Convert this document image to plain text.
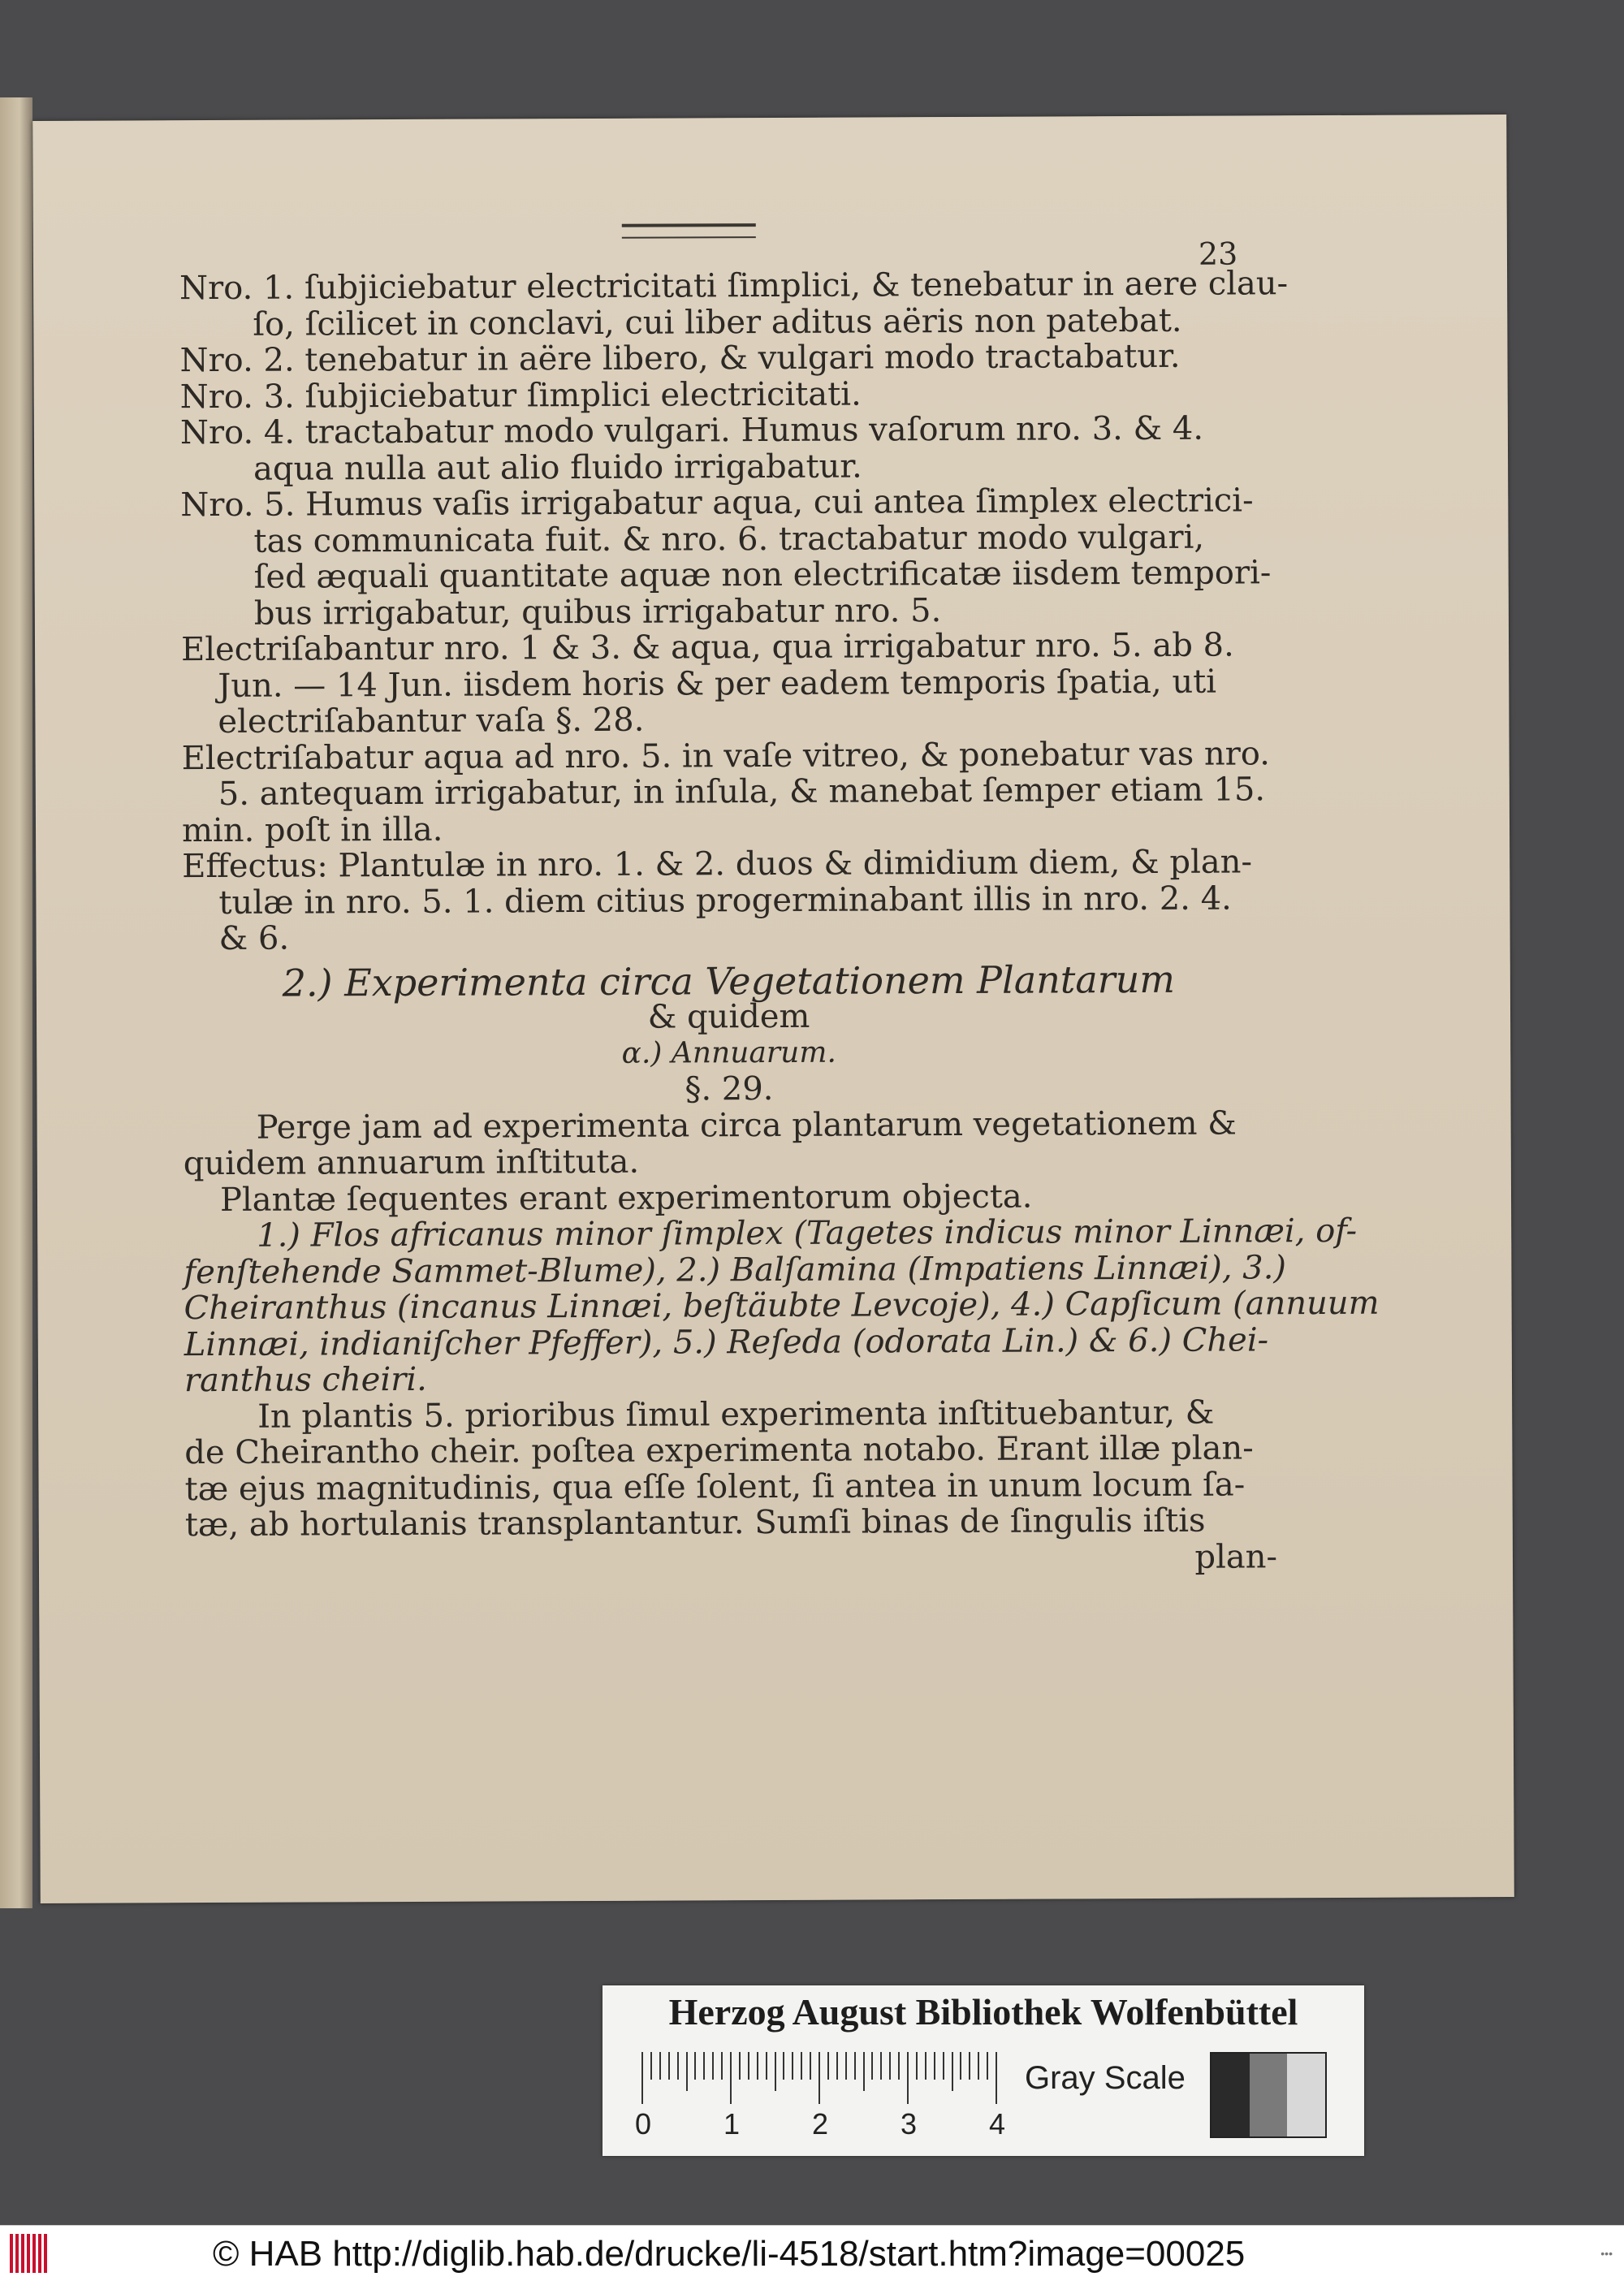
23
Nro. 1. ſubjiciebatur electricitati ſimplici, & tenebatur in aere clau-
ſo, ſcilicet in conclavi, cui liber aditus aëris non patebat.
Nro. 2. tenebatur in aëre libero, & vulgari modo tractabatur.
Nro. 3. ſubjiciebatur ſimplici electricitati.
Nro. 4. tractabatur modo vulgari. Humus vaſorum nro. 3. & 4.
aqua nulla aut alio fluido irrigabatur.
Nro. 5. Humus vaſis irrigabatur aqua, cui antea ſimplex electrici-
tas communicata fuit. & nro. 6. tractabatur modo vulgari,
ſed æquali quantitate aquæ non electrificatæ iisdem tempori-
bus irrigabatur, quibus irrigabatur nro. 5.
Electriſabantur nro. 1 & 3. & aqua, qua irrigabatur nro. 5. ab 8.
Jun. — 14 Jun. iisdem horis & per eadem temporis ſpatia, uti
electriſabantur vaſa §. 28.
Electriſabatur aqua ad nro. 5. in vaſe vitreo, & ponebatur vas nro.
5. antequam irrigabatur, in inſula, & manebat ſemper etiam 15.
min. poſt in illa.
Effectus: Plantulæ in nro. 1. & 2. duos & dimidium diem, & plan-
tulæ in nro. 5. 1. diem citius progerminabant illis in nro. 2. 4.
& 6.
2.) Experimenta circa Vegetationem Plantarum
& quidem
α.) Annuarum.
§. 29.
Perge jam ad experimenta circa plantarum vegetationem &
quidem annuarum inſtituta.
Plantæ ſequentes erant experimentorum objecta.
1.) Flos africanus minor ſimplex (Tagetes indicus minor Linnæi, of-
fenſtehende Sammet-Blume), 2.) Balſamina (Impatiens Linnæi), 3.)
Cheiranthus (incanus Linnæi, beſtäubte Levcoje), 4.) Capſicum (annuum
Linnæi, indianiſcher Pfeffer), 5.) Reſeda (odorata Lin.) & 6.) Chei-
ranthus cheiri.
In plantis 5. prioribus ſimul experimenta inſtituebantur, &
de Cheirantho cheir. poſtea experimenta notabo. Erant illæ plan-
tæ ejus magnitudinis, qua eſſe ſolent, ſi antea in unum locum ſa-
tæ, ab hortulanis transplantantur. Sumſi binas de ſingulis iſtis
plan-
Herzog August Bibliothek Wolfenbüttel
0 1 2 3 4
Gray Scale
© HAB http://diglib.hab.de/drucke/li-4518/start.htm?image=00025	•••
